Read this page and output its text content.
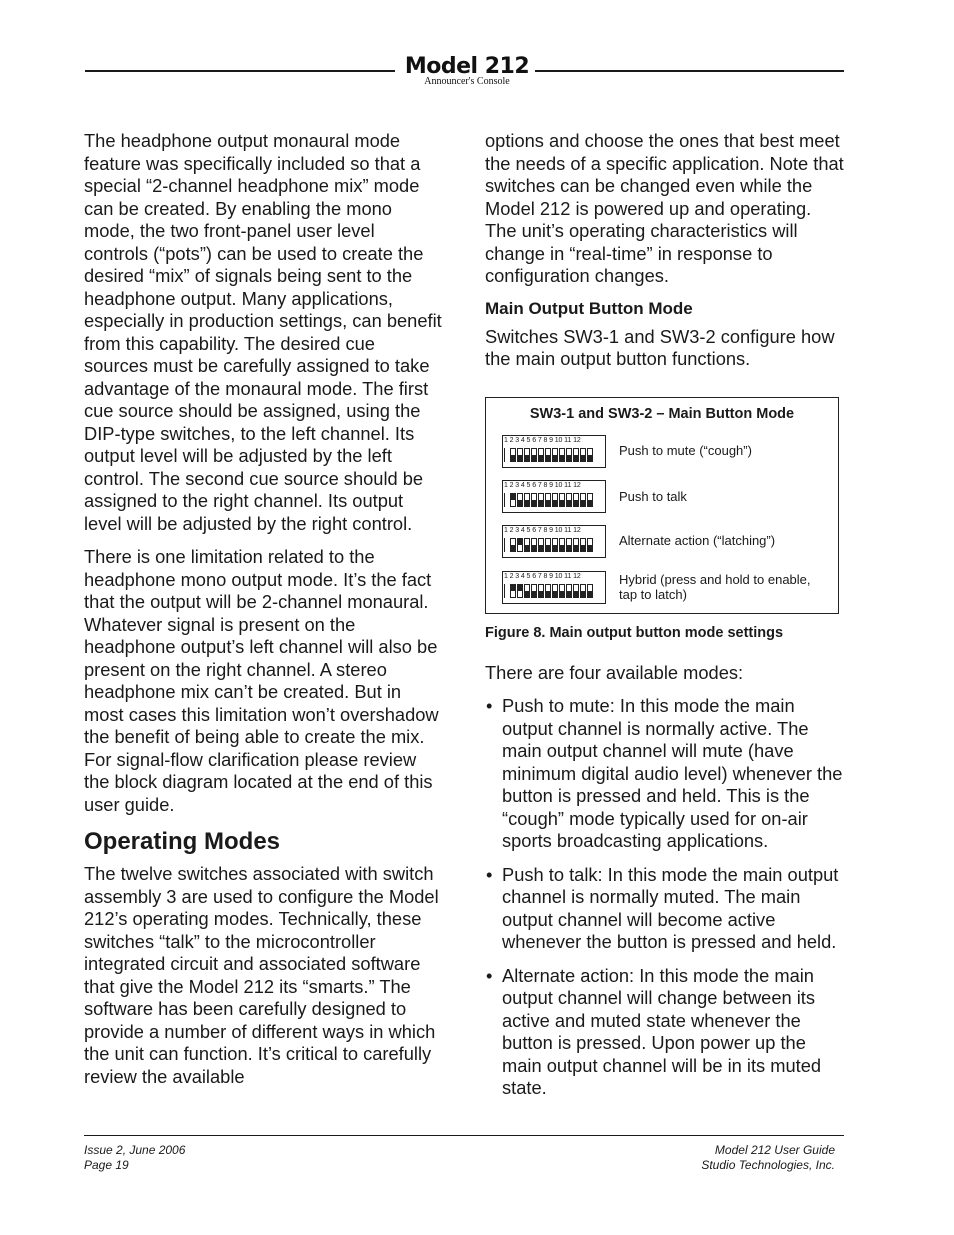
Model 212
Announcer's Console

The headphone output monaural mode feature was specifically included so that a special “2-channel headphone mix” mode can be created. By enabling the mono mode, the two front-panel user level controls (“pots”) can be used to create the desired “mix” of signals being sent to the headphone output. Many applications, especially in production settings, can benefit from this capability. The desired cue sources must be carefully assigned to take advantage of the monaural mode. The first cue source should be assigned, using the DIP-type switches, to the left channel. Its output level will be adjusted by the left control. The second cue source should be assigned to the right channel. Its output level will be adjusted by the right control.

There is one limitation related to the headphone mono output mode. It’s the fact that the output will be 2-channel monaural. Whatever signal is present on the headphone output’s left channel will also be present on the right channel. A stereo headphone mix can’t be created. But in most cases this limitation won’t overshadow the benefit of being able to create the mix. For signal-flow clarification please review the block diagram located at the end of this user guide.

Operating Modes

The twelve switches associated with switch assembly 3 are used to configure the Model 212’s operating modes. Technically, these switches “talk” to the microcontroller integrated circuit and associated software that give the Model 212 its “smarts.” The software has been carefully designed to provide a number of different ways in which the unit can function. It’s critical to carefully review the available

options and choose the ones that best meet the needs of a specific application. Note that switches can be changed even while the Model 212 is powered up and operating. The unit’s operating characteristics will change in “real-time” in response to configuration changes.

Main Output Button Mode

Switches SW3-1 and SW3-2 configure how the main output button functions.

SW3-1 and SW3-2 – Main Button Mode
1 2 3 4 5 6 7 8 9 10 11 12
Push to mute (“cough”)
1 2 3 4 5 6 7 8 9 10 11 12
Push to talk
1 2 3 4 5 6 7 8 9 10 11 12
Alternate action (“latching”)
1 2 3 4 5 6 7 8 9 10 11 12	Hybrid (press and hold to enable, tap to latch)
Figure 8. Main output button mode settings

There are four available modes:

• Push to mute: In this mode the main output channel is normally active. The main output channel will mute (have minimum digital audio level) whenever the button is pressed and held. This is the “cough” mode typically used for on-air sports broadcasting applications.
• Push to talk: In this mode the main output channel is normally muted. The main output channel will become active whenever the button is pressed and held.
• Alternate action: In this mode the main output channel will change between its active and muted state whenever the button is pressed. Upon power up the main output channel will be in its muted state.
Issue 2, June 2006
Page 19
Model 212 User Guide
Studio Technologies, Inc.
